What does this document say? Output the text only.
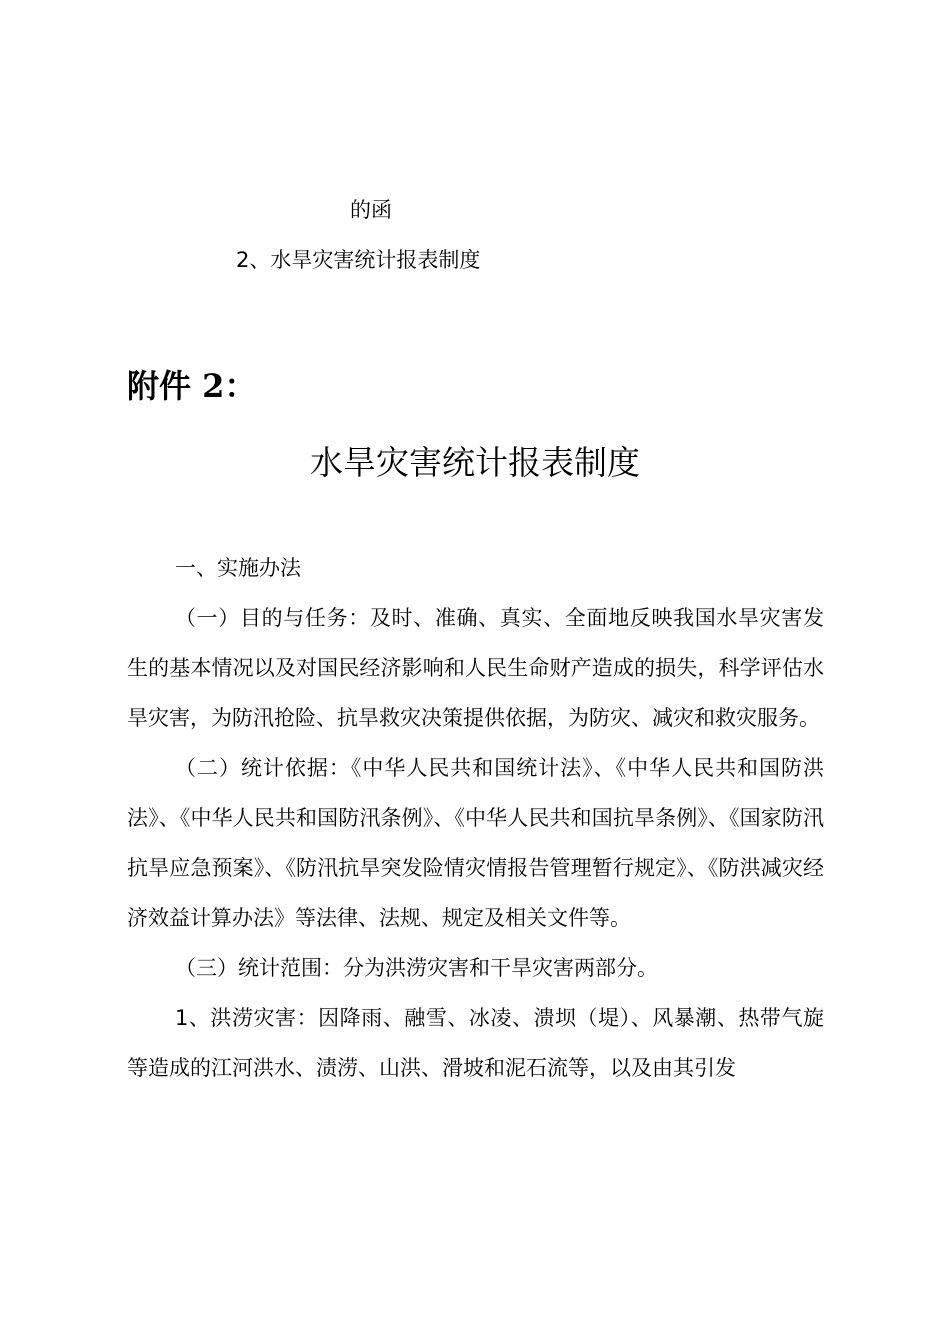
的函
2、水旱灾害统计报表制度
附件 2：
水旱灾害统计报表制度

一、实施办法

（一）目的与任务：及时、准确、真实、全面地反映我国水旱灾害发生的基本情况以及对国民经济影响和人民生命财产造成的损失，科学评估水旱灾害，为防汛抢险、抗旱救灾决策提供依据，为防灾、减灾和救灾服务。

（二）统计依据：《中华人民共和国统计法》、《中华人民共和国防洪法》、《中华人民共和国防汛条例》、《中华人民共和国抗旱条例》、《国家防汛抗旱应急预案》、《防汛抗旱突发险情灾情报告管理暂行规定》、《防洪减灾经济效益计算办法》等法律、法规、规定及相关文件等。

（三）统计范围：分为洪涝灾害和干旱灾害两部分。

1、洪涝灾害：因降雨、融雪、冰凌、溃坝（堤）、风暴潮、热带气旋等造成的江河洪水、渍涝、山洪、滑坡和泥石流等，以及由其引发
